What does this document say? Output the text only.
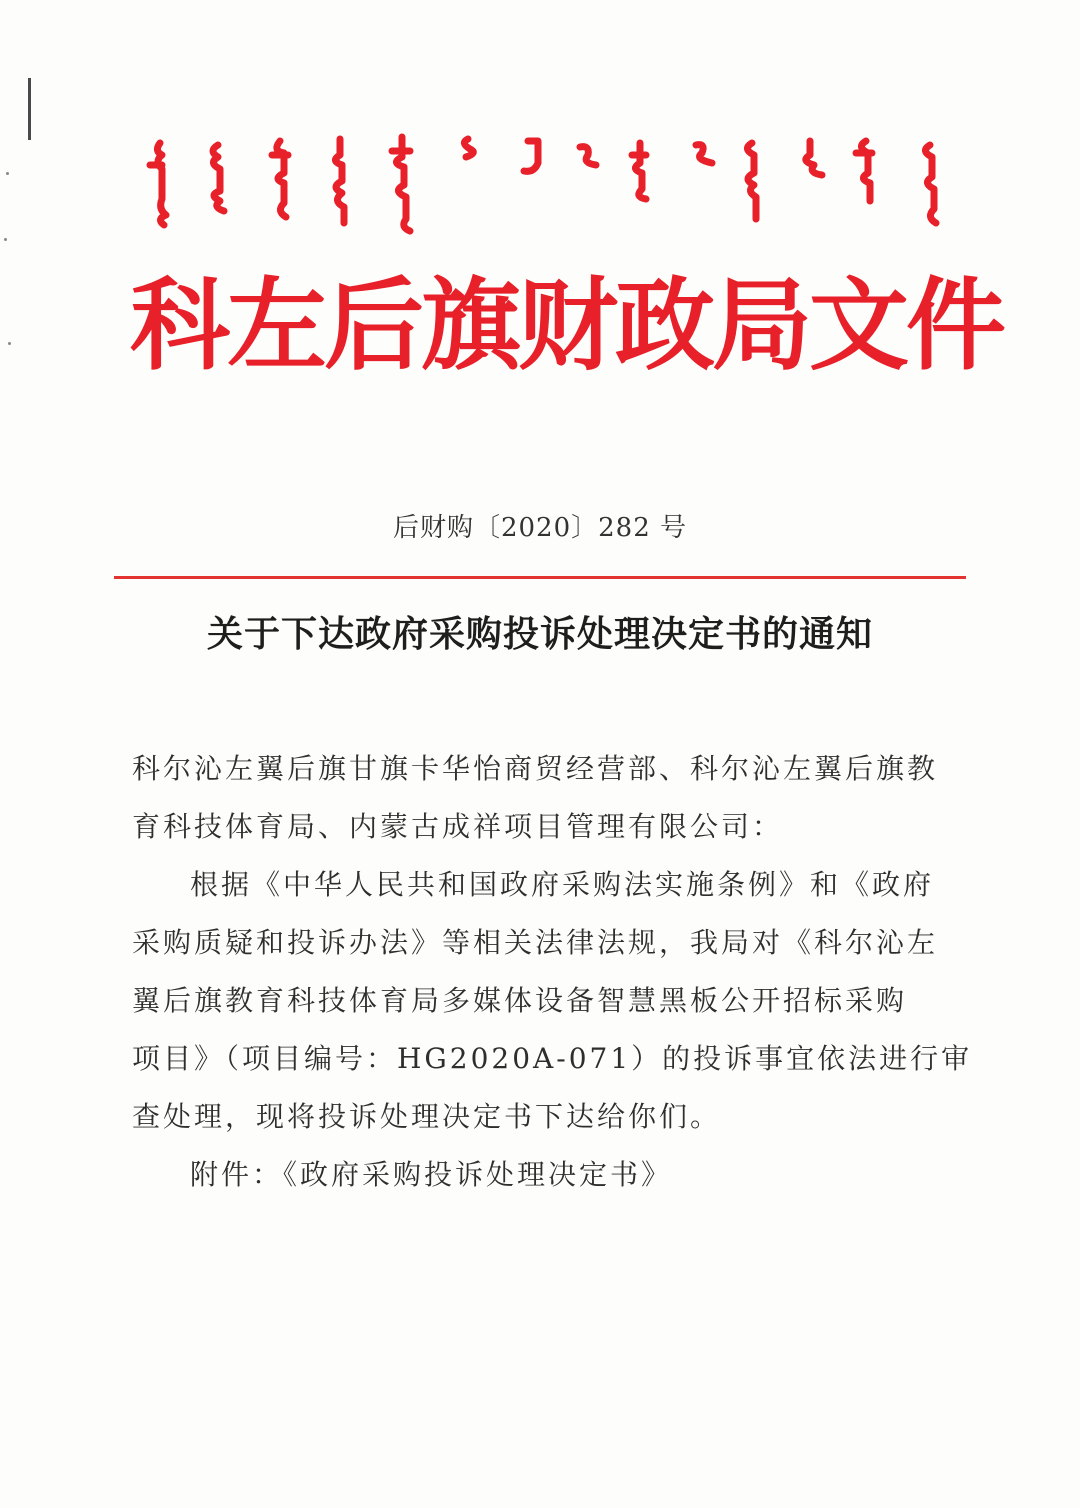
科左后旗财政局文件
后财购〔2020〕282 号
关于下达政府采购投诉处理决定书的通知
科尔沁左翼后旗甘旗卡华怡商贸经营部、科尔沁左翼后旗教
育科技体育局、内蒙古成祥项目管理有限公司：
根据《中华人民共和国政府采购法实施条例》和《政府
采购质疑和投诉办法》等相关法律法规，我局对《科尔沁左
翼后旗教育科技体育局多媒体设备智慧黑板公开招标采购
项目》（项目编号：HG2020A-071）的投诉事宜依法进行审
查处理，现将投诉处理决定书下达给你们。
附件：《政府采购投诉处理决定书》
